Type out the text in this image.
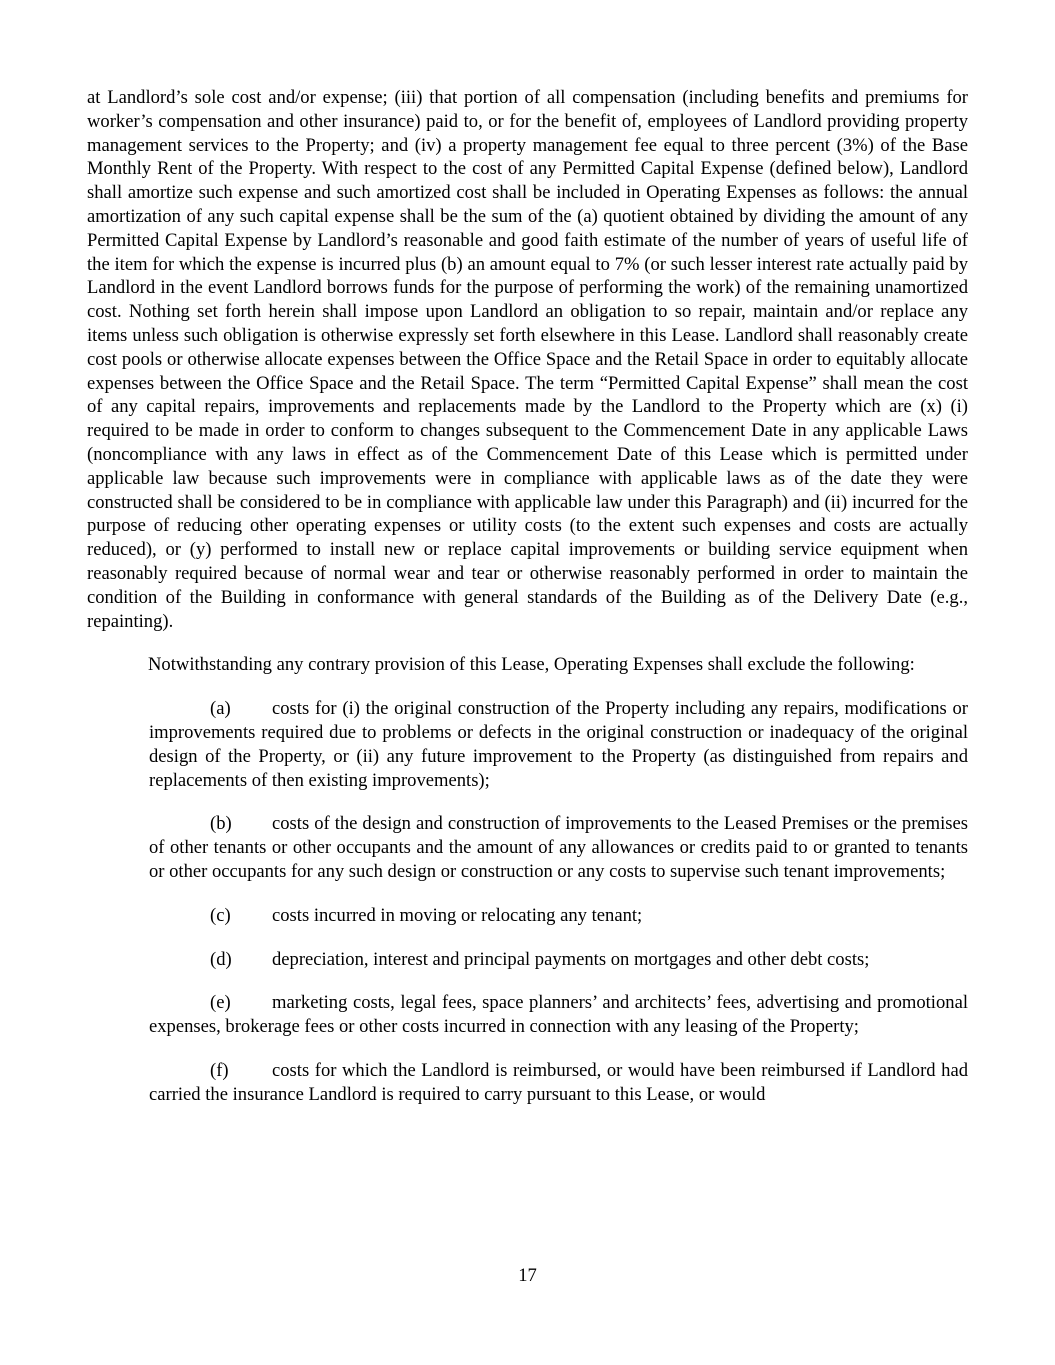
at Landlord’s sole cost and/or expense; (iii) that portion of all compensation (including benefits and premiums for worker’s compensation and other insurance) paid to, or for the benefit of, employees of Landlord providing property management services to the Property; and (iv) a property management fee equal to three percent (3%) of the Base Monthly Rent of the Property. With respect to the cost of any Permitted Capital Expense (defined below), Landlord shall amortize such expense and such amortized cost shall be included in Operating Expenses as follows: the annual amortization of any such capital expense shall be the sum of the (a) quotient obtained by dividing the amount of any Permitted Capital Expense by Landlord’s reasonable and good faith estimate of the number of years of useful life of the item for which the expense is incurred plus (b) an amount equal to 7% (or such lesser interest rate actually paid by Landlord in the event Landlord borrows funds for the purpose of performing the work) of the remaining unamortized cost. Nothing set forth herein shall impose upon Landlord an obligation to so repair, maintain and/or replace any items unless such obligation is otherwise expressly set forth elsewhere in this Lease. Landlord shall reasonably create cost pools or otherwise allocate expenses between the Office Space and the Retail Space in order to equitably allocate expenses between the Office Space and the Retail Space. The term “Permitted Capital Expense” shall mean the cost of any capital repairs, improvements and replacements made by the Landlord to the Property which are (x) (i) required to be made in order to conform to changes subsequent to the Commencement Date in any applicable Laws (noncompliance with any laws in effect as of the Commencement Date of this Lease which is permitted under applicable law because such improvements were in compliance with applicable laws as of the date they were constructed shall be considered to be in compliance with applicable law under this Paragraph) and (ii) incurred for the purpose of reducing other operating expenses or utility costs (to the extent such expenses and costs are actually reduced), or (y) performed to install new or replace capital improvements or building service equipment when reasonably required because of normal wear and tear or otherwise reasonably performed in order to maintain the condition of the Building in conformance with general standards of the Building as of the Delivery Date (e.g., repainting).

Notwithstanding any contrary provision of this Lease, Operating Expenses shall exclude the following:

(a) costs for (i) the original construction of the Property including any repairs, modifications or improvements required due to problems or defects in the original construction or inadequacy of the original design of the Property, or (ii) any future improvement to the Property (as distinguished from repairs and replacements of then existing improvements);

(b) costs of the design and construction of improvements to the Leased Premises or the premises of other tenants or other occupants and the amount of any allowances or credits paid to or granted to tenants or other occupants for any such design or construction or any costs to supervise such tenant improvements;

(c) costs incurred in moving or relocating any tenant;

(d) depreciation, interest and principal payments on mortgages and other debt costs;

(e) marketing costs, legal fees, space planners’ and architects’ fees, advertising and promotional expenses, brokerage fees or other costs incurred in connection with any leasing of the Property;

(f) costs for which the Landlord is reimbursed, or would have been reimbursed if Landlord had carried the insurance Landlord is required to carry pursuant to this Lease, or would

17
